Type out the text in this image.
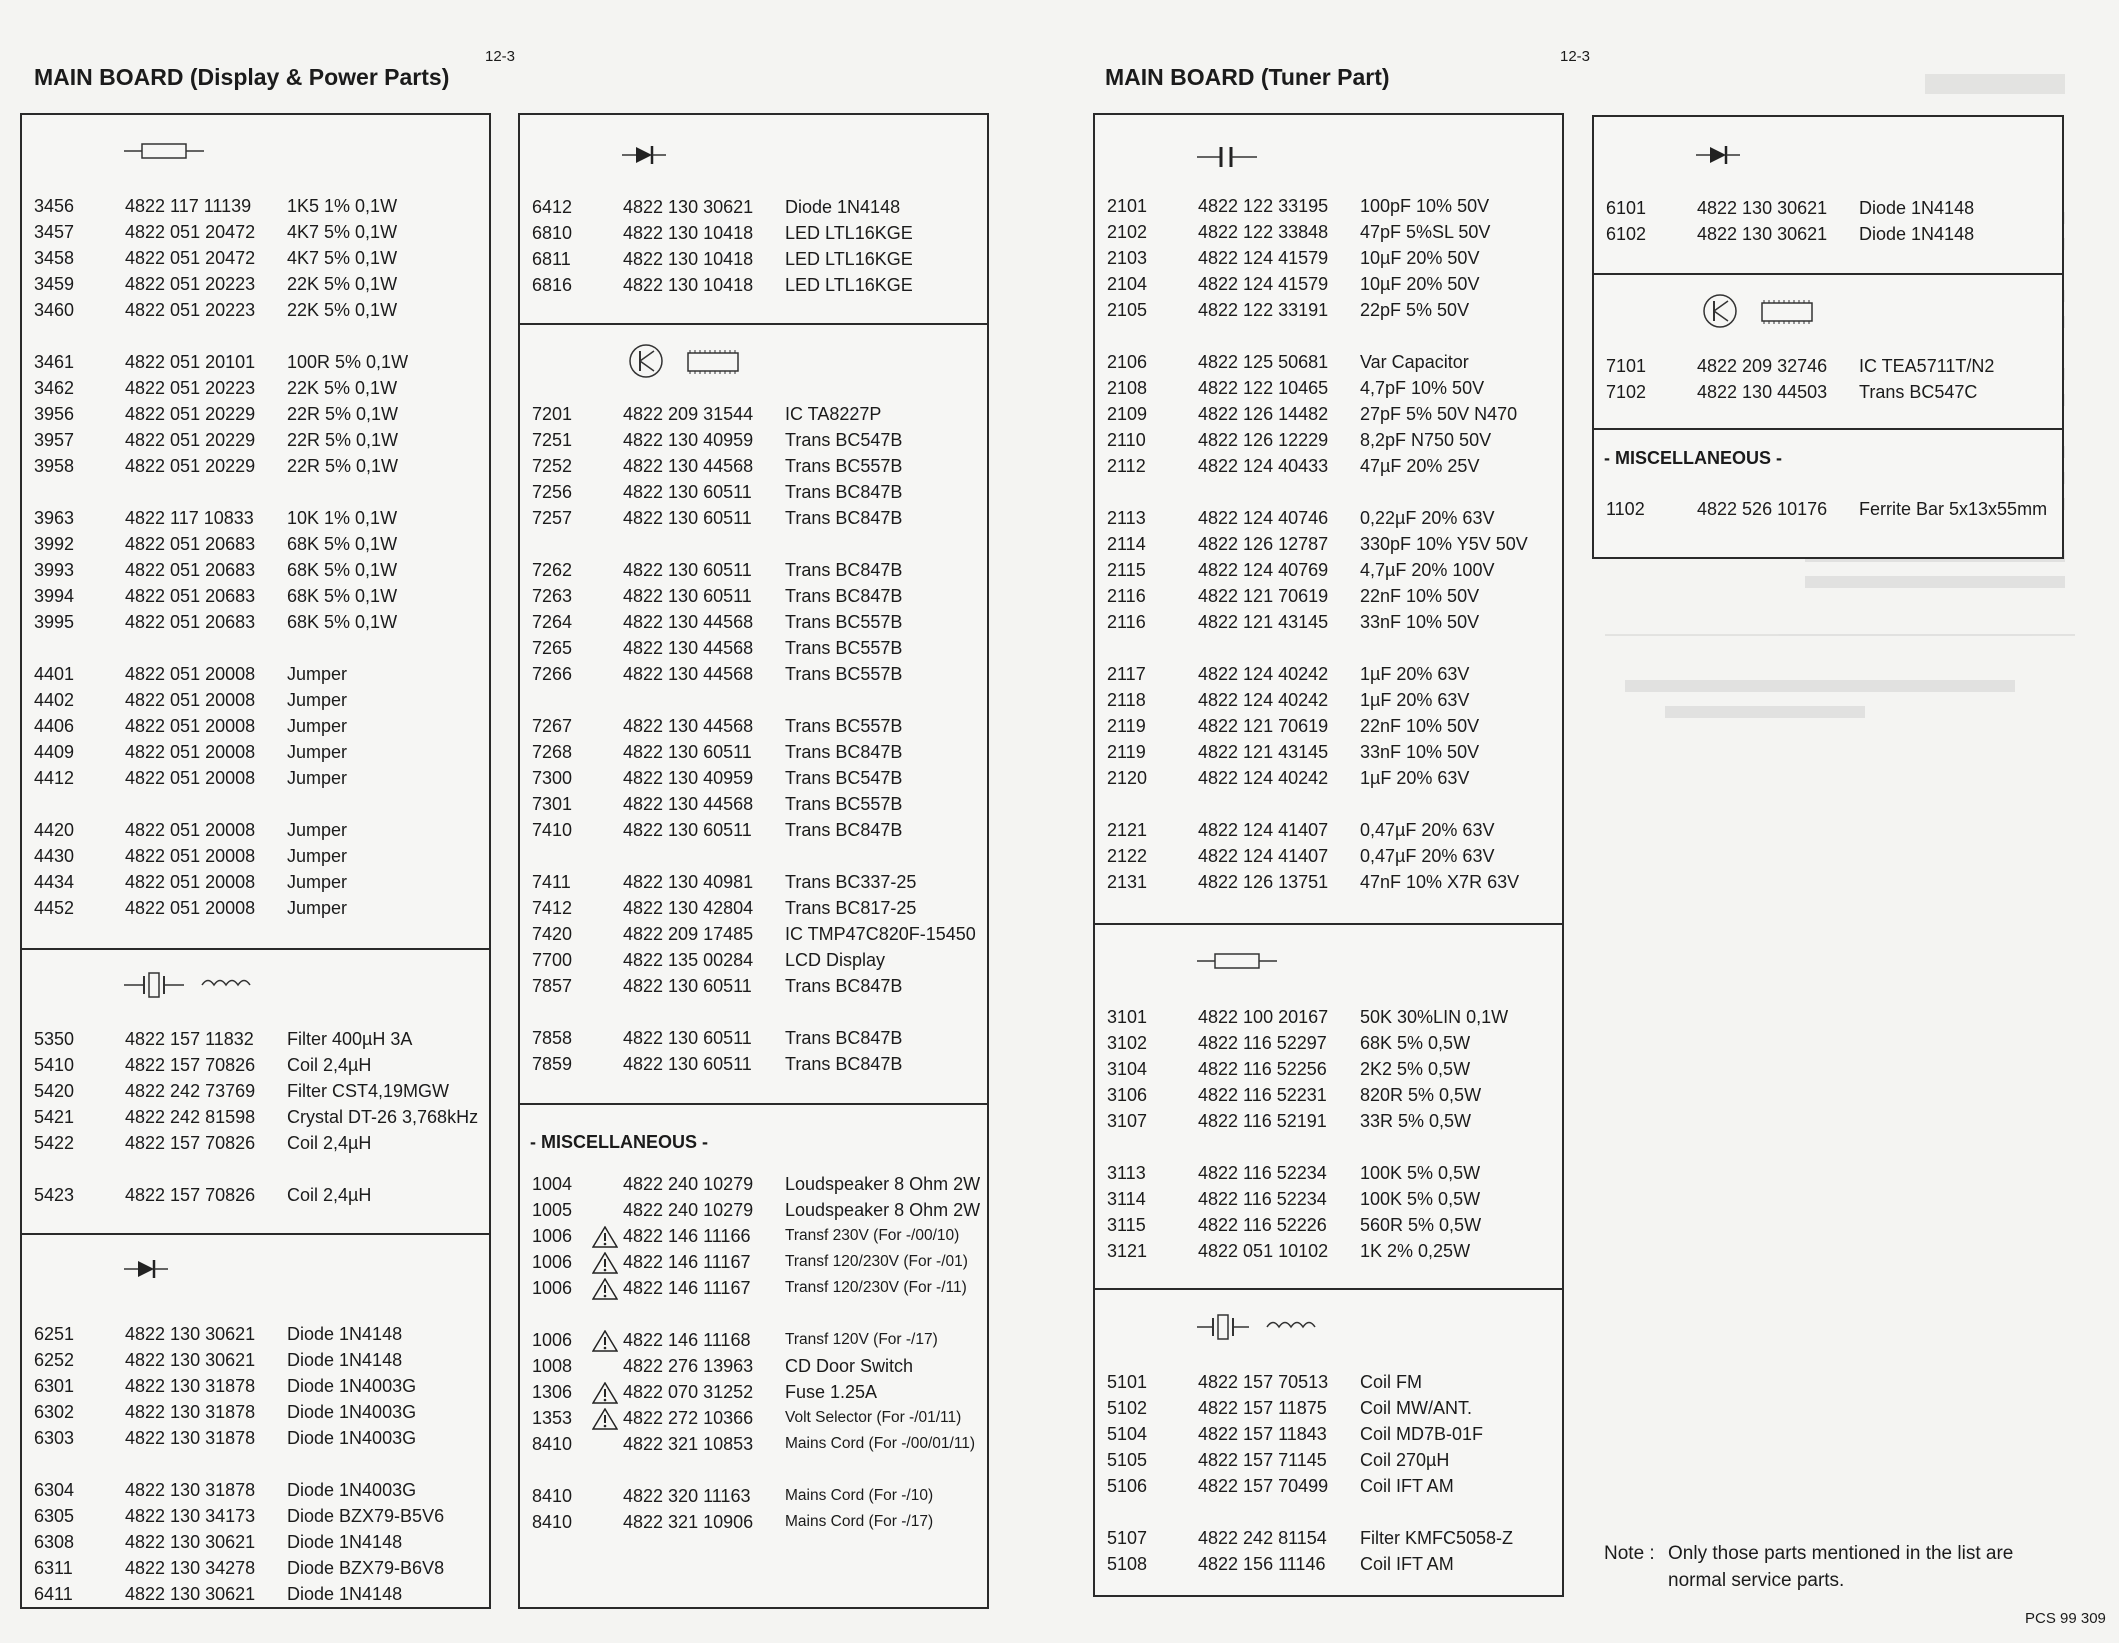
12-3
MAIN BOARD (Display & Power Parts)
12-3
MAIN BOARD (Tuner Part)
3456	4822 117 11139 1K5 1% 0,1W
3457	4822 051 20472 4K7 5% 0,1W
3458	4822 051 20472 4K7 5% 0,1W
3459	4822 051 20223 22K 5% 0,1W
3460	4822 051 20223 22K 5% 0,1W
3461	4822 051 20101 100R 5% 0,1W
3462	4822 051 20223 22K 5% 0,1W
3956	4822 051 20229 22R 5% 0,1W
3957	4822 051 20229 22R 5% 0,1W
3958	4822 051 20229 22R 5% 0,1W
3963	4822 117 10833 10K 1% 0,1W
3992	4822 051 20683 68K 5% 0,1W
3993	4822 051 20683 68K 5% 0,1W
3994	4822 051 20683 68K 5% 0,1W
3995	4822 051 20683 68K 5% 0,1W
4401	4822 051 20008 Jumper
4402	4822 051 20008 Jumper
4406	4822 051 20008 Jumper
4409	4822 051 20008 Jumper
4412	4822 051 20008 Jumper
4420	4822 051 20008 Jumper
4430	4822 051 20008 Jumper
4434	4822 051 20008 Jumper
4452	4822 051 20008 Jumper
5350	4822 157 11832 Filter 400µH 3A
5410	4822 157 70826 Coil 2,4µH
5420	4822 242 73769 Filter CST4,19MGW
5421	4822 242 81598 Crystal DT-26 3,768kHz
5422	4822 157 70826 Coil 2,4µH
5423	4822 157 70826 Coil 2,4µH
6251	4822 130 30621 Diode 1N4148
6252	4822 130 30621 Diode 1N4148
6301	4822 130 31878 Diode 1N4003G
6302	4822 130 31878 Diode 1N4003G
6303	4822 130 31878 Diode 1N4003G
6304	4822 130 31878 Diode 1N4003G
6305	4822 130 34173 Diode BZX79-B5V6
6308	4822 130 30621 Diode 1N4148
6311	4822 130 34278 Diode BZX79-B6V8
6411	4822 130 30621 Diode 1N4148
6412	4822 130 30621 Diode 1N4148
6810	4822 130 10418 LED LTL16KGE
6811	4822 130 10418 LED LTL16KGE
6816	4822 130 10418 LED LTL16KGE
7201	4822 209 31544 IC TA8227P
7251	4822 130 40959 Trans BC547B
7252	4822 130 44568 Trans BC557B
7256	4822 130 60511 Trans BC847B
7257	4822 130 60511 Trans BC847B
7262	4822 130 60511 Trans BC847B
7263	4822 130 60511 Trans BC847B
7264	4822 130 44568 Trans BC557B
7265	4822 130 44568 Trans BC557B
7266	4822 130 44568 Trans BC557B
7267	4822 130 44568 Trans BC557B
7268	4822 130 60511 Trans BC847B
7300	4822 130 40959 Trans BC547B
7301	4822 130 44568 Trans BC557B
7410	4822 130 60511 Trans BC847B
7411	4822 130 40981 Trans BC337-25
7412	4822 130 42804 Trans BC817-25
7420	4822 209 17485 IC TMP47C820F-15450
7700	4822 135 00284 LCD Display
7857	4822 130 60511 Trans BC847B
7858	4822 130 60511 Trans BC847B
7859	4822 130 60511 Trans BC847B
- MISCELLANEOUS -
1004	4822 240 10279 Loudspeaker 8 Ohm 2W
1005	4822 240 10279 Loudspeaker 8 Ohm 2W
1006	4822 146 11166 Transf 230V (For -/00/10)
1006	4822 146 11167 Transf 120/230V (For -/01)
1006	4822 146 11167 Transf 120/230V (For -/11)
1006	4822 146 11168 Transf 120V (For -/17)
1008	4822 276 13963 CD Door Switch
1306	4822 070 31252 Fuse 1.25A
1353	4822 272 10366 Volt Selector (For -/01/11)
8410	4822 321 10853 Mains Cord (For -/00/01/11)
8410	4822 320 11163 Mains Cord (For -/10)
8410	4822 321 10906 Mains Cord (For -/17)
2101	4822 122 33195 100pF 10% 50V
2102	4822 122 33848 47pF 5%SL 50V
2103	4822 124 41579 10µF 20% 50V
2104	4822 124 41579 10µF 20% 50V
2105	4822 122 33191 22pF 5% 50V
2106	4822 125 50681 Var Capacitor
2108	4822 122 10465 4,7pF 10% 50V
2109	4822 126 14482 27pF 5% 50V N470
2110	4822 126 12229 8,2pF N750 50V
2112	4822 124 40433 47µF 20% 25V
2113	4822 124 40746 0,22µF 20% 63V
2114	4822 126 12787 330pF 10% Y5V 50V
2115	4822 124 40769 4,7µF 20% 100V
2116	4822 121 70619 22nF 10% 50V
2116	4822 121 43145 33nF 10% 50V
2117	4822 124 40242 1µF 20% 63V
2118	4822 124 40242 1µF 20% 63V
2119	4822 121 70619 22nF 10% 50V
2119	4822 121 43145 33nF 10% 50V
2120	4822 124 40242 1µF 20% 63V
2121	4822 124 41407 0,47µF 20% 63V
2122	4822 124 41407 0,47µF 20% 63V
2131	4822 126 13751 47nF 10% X7R 63V
3101	4822 100 20167 50K 30%LIN 0,1W
3102	4822 116 52297 68K 5% 0,5W
3104	4822 116 52256 2K2 5% 0,5W
3106	4822 116 52231 820R 5% 0,5W
3107	4822 116 52191 33R 5% 0,5W
3113	4822 116 52234 100K 5% 0,5W
3114	4822 116 52234 100K 5% 0,5W
3115	4822 116 52226 560R 5% 0,5W
3121	4822 051 10102 1K 2% 0,25W
5101	4822 157 70513 Coil FM
5102	4822 157 11875 Coil MW/ANT.
5104	4822 157 11843 Coil MD7B-01F
5105	4822 157 71145 Coil 270µH
5106	4822 157 70499 Coil IFT AM
5107	4822 242 81154 Filter KMFC5058-Z
5108	4822 156 11146 Coil IFT AM
6101	4822 130 30621 Diode 1N4148
6102	4822 130 30621 Diode 1N4148
7101	4822 209 32746 IC TEA5711T/N2
7102	4822 130 44503 Trans BC547C
- MISCELLANEOUS -
1102	4822 526 10176 Ferrite Bar 5x13x55mm
Note : Only those parts mentioned in the list are
normal service parts.
PCS 99 309
